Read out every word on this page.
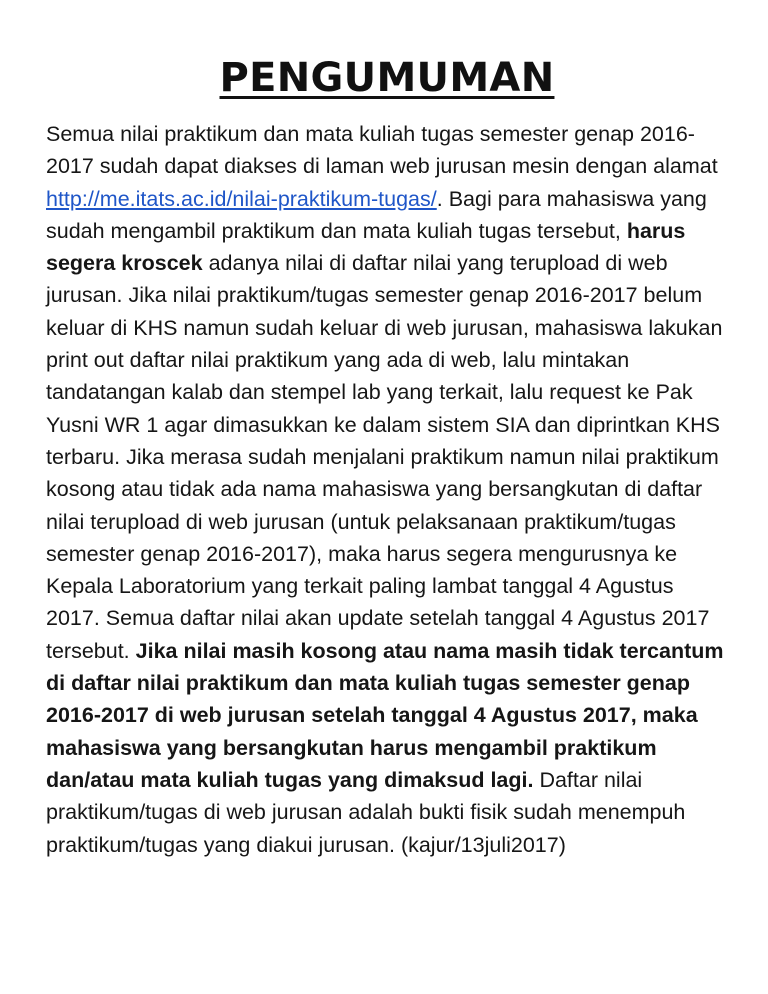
PENGUMUMAN

Semua nilai praktikum dan mata kuliah tugas semester genap 2016-2017 sudah dapat diakses di laman web jurusan mesin dengan alamat http://me.itats.ac.id/nilai-praktikum-tugas/. Bagi para mahasiswa yang sudah mengambil praktikum dan mata kuliah tugas tersebut, harus segera kroscek adanya nilai di daftar nilai yang terupload di web jurusan. Jika nilai praktikum/tugas semester genap 2016-2017 belum keluar di KHS namun sudah keluar di web jurusan, mahasiswa lakukan print out daftar nilai praktikum yang ada di web, lalu mintakan tandatangan kalab dan stempel lab yang terkait, lalu request ke Pak Yusni WR 1 agar dimasukkan ke dalam sistem SIA dan diprintkan KHS terbaru. Jika merasa sudah menjalani praktikum namun nilai praktikum kosong atau tidak ada nama mahasiswa yang bersangkutan di daftar nilai terupload di web jurusan (untuk pelaksanaan praktikum/tugas semester genap 2016-2017), maka harus segera mengurusnya ke Kepala Laboratorium yang terkait paling lambat tanggal 4 Agustus 2017. Semua daftar nilai akan update setelah tanggal 4 Agustus 2017 tersebut. Jika nilai masih kosong atau nama masih tidak tercantum di daftar nilai praktikum dan mata kuliah tugas semester genap 2016-2017 di web jurusan setelah tanggal 4 Agustus 2017, maka mahasiswa yang bersangkutan harus mengambil praktikum dan/atau mata kuliah tugas yang dimaksud lagi. Daftar nilai praktikum/tugas di web jurusan adalah bukti fisik sudah menempuh praktikum/tugas yang diakui jurusan. (kajur/13juli2017)
